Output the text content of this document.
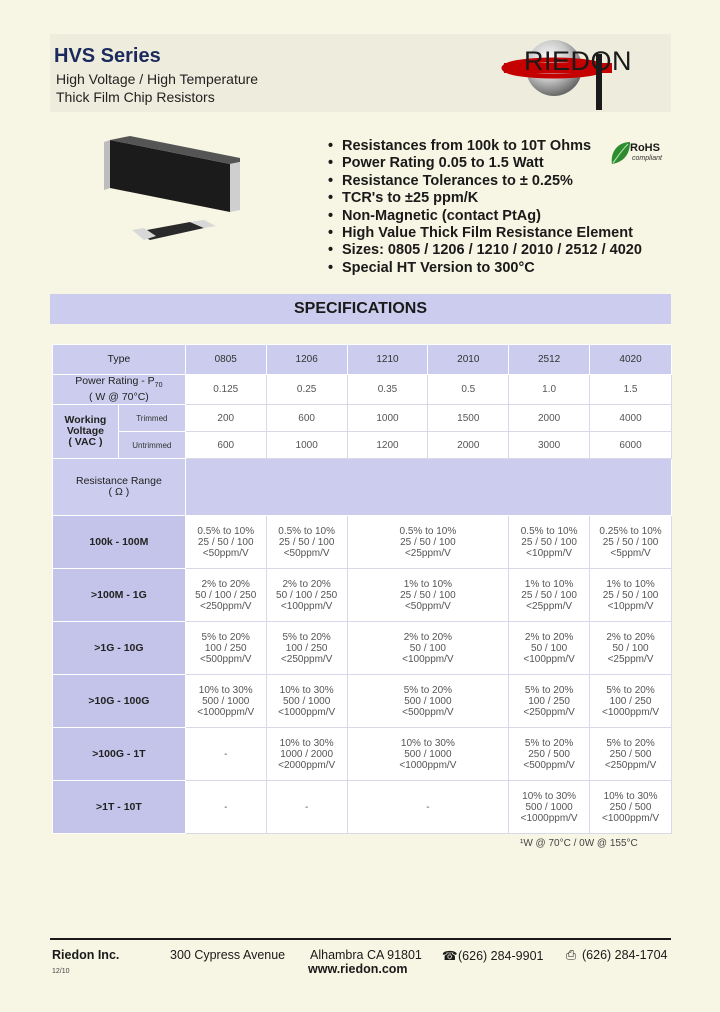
HVS Series
High Voltage / High Temperature
Thick Film Chip Resistors
RIEDON
• Resistances from 100k to 10T Ohms
• Power Rating 0.05 to 1.5 Watt
• Resistance Tolerances to ± 0.25%
• TCR's to ±25 ppm/K
• Non-Magnetic (contact PtAg)
• High Value Thick Film Resistance Element
• Sizes: 0805 / 1206 / 1210 / 2010 / 2512 / 4020
• Special HT Version to 300°C
RoHS
compliant
SPECIFICATIONS
Type		0805	1206	1210	2010	2512	4020
Power Rating - $P_{70}$
( W @ 70°C)		0.125	0.25	0.35	0.5	1.0	1.5
Working
Voltage
( VAC )	Trimmed	200	600	1000	1500	2000	4000
	Untrimmed	600	1000	1200	2000	3000	6000
Resistance Range
( Ω )							
100k - 100M		0.5% to 10%
25 / 50 / 100
<50ppm/V	0.5% to 10%
25 / 50 / 100
<50ppm/V	0.5% to 10%
25 / 50 / 100
<25ppm/V		0.5% to 10%
25 / 50 / 100
<10ppm/V	0.25% to 10%
25 / 50 / 100
<5ppm/V
>100M - 1G		2% to 20%
50 / 100 / 250
<250ppm/V	2% to 20%
50 / 100 / 250
<100ppm/V	1% to 10%
25 / 50 / 100
<50ppm/V		1% to 10%
25 / 50 / 100
<25ppm/V	1% to 10%
25 / 50 / 100
<10ppm/V
>1G - 10G		5% to 20%
100 / 250
<500ppm/V	5% to 20%
100 / 250
<250ppm/V	2% to 20%
50 / 100
<100ppm/V		2% to 20%
50 / 100
<100ppm/V	2% to 20%
50 / 100
<25ppm/V
>10G - 100G		10% to 30%
500 / 1000
<1000ppm/V	10% to 30%
500 / 1000
<1000ppm/V	5% to 20%
500 / 1000
<500ppm/V		5% to 20%
100 / 250
<250ppm/V	5% to 20%
100 / 250
<1000ppm/V
>100G - 1T		-	10% to 30%
1000 / 2000
<2000ppm/V	10% to 30%
500 / 1000
<1000ppm/V		5% to 20%
250 / 500
<500ppm/V	5% to 20%
250 / 500
<250ppm/V
>1T - 10T		-	-	-		10% to 30%
500 / 1000
<1000ppm/V	10% to 30%
250 / 500
<1000ppm/V
¹W @ 70°C / 0W @ 155°C
Riedon Inc.	300 Cypress Avenue Alhambra CA 91801 ☎(626) 284-9901 ⎙ (626) 284-1704
www.riedon.com
12/10
